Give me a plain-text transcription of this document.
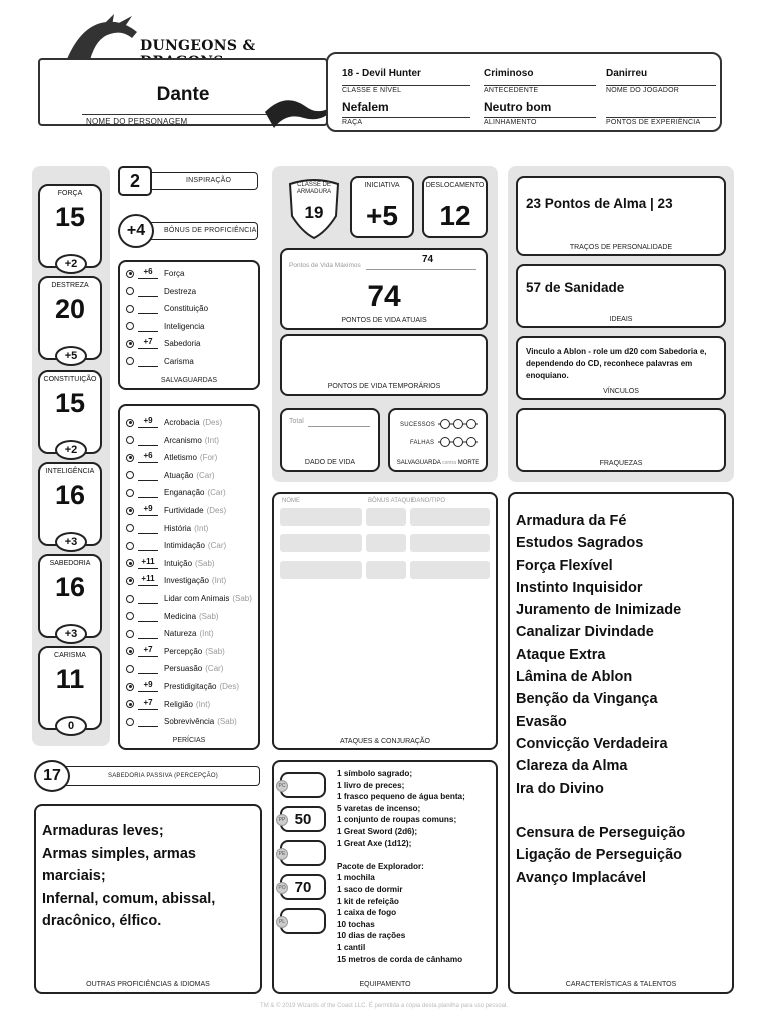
DUNGEONS &
Dante
NOME DO PERSONAGEM
18 - Devil Hunter
CLASSE E NÍVEL
Criminoso
ANTECEDENTE
Danirreu
NOME DO JOGADOR
Nefalem
RAÇA
Neutro bom
ALINHAMENTO	PONTOS DE EXPERIÊNCIA
FORÇA
15
+2
DESTREZA
20
+5
CONSTITUIÇÃO
15
+2
INTELIGÊNCIA
16
+3
SABEDORIA
16
+3
CARISMA
11
0
2	INSPIRAÇÃO
+4	BÔNUS DE PROFICIÊNCIA
SALVAGUARDAS
+6	Força
Destreza
Constituição
Inteligencia
+7	Sabedoria
Carisma
PERÍCIAS
+9	Acrobacia (Des)
Arcanismo (Int)
+6	Atletismo (For)
Atuação (Car)
Enganação (Car)
+9	Furtividade (Des)
História (Int)
Intimidação (Car)
+11	Intuição (Sab)
+11	Investigação (Int)
Lidar com Animais (Sab)
Medicina (Sab)
Natureza (Int)
+7	Percepção (Sab)
Persuasão (Car)
+9	Prestidigitação (Des)
+7	Religião (Int)
Sobrevivência (Sab)
CLASSE DE ARMADURA
19
INICIATIVA
+5
DESLOCAMENTO
12
Pontos de Vida Máximos
74
74
PONTOS DE VIDA ATUAIS
PONTOS DE VIDA TEMPORÁRIOS
Total
DADO DE VIDA
SUCESSOS
FALHAS
SALVAGUARDA contra MORTE
23 Pontos de Alma | 23
TRAÇOS DE PERSONALIDADE
57 de Sanidade
IDEAIS
Vinculo a Ablon - role um d20 com Sabedoria e, dependendo do CD, reconhece palavras em enoquiano.
VÍNCULOS
FRAQUEZAS
NOME	BÔNUS ATAQUE
DANO/TIPO
ATAQUES & CONJURAÇÃO
Armadura da Fé
Estudos Sagrados
Força Flexível
Instinto Inquisidor
Juramento de Inimizade
Canalizar Divindade
Ataque Extra
Lâmina de Ablon
Benção da Vingança
Evasão
Convicção Verdadeira
Clareza da Alma
Ira do Divino
Censura de Perseguição
Ligação de Perseguição
Avanço Implacável
CARACTERÍSTICAS & TALENTOS
17	SABEDORIA PASSIVA (PERCEPÇÃO)
Armaduras leves;
Armas simples, armas
marciais;
Infernal, comum, abissal,
dracônico, élfico.
OUTRAS PROFICIÊNCIAS & IDIOMAS	EQUIPAMENTO
PC
PP 50
PE
PO 70
PL
1 símbolo sagrado;
1 livro de preces;
1 frasco pequeno de água benta;
5 varetas de incenso;
1 conjunto de roupas comuns;
1 Great Sword (2d6);
1 Great Axe (1d12);
Pacote de Explorador:
1 mochila
1 saco de dormir
1 kit de refeição
1 caixa de fogo
10 tochas
10 dias de rações
1 cantil
15 metros de corda de cânhamo
TM & © 2019 Wizards of the Coast LLC. É permitida a cópia desta planilha para uso pessoal.
